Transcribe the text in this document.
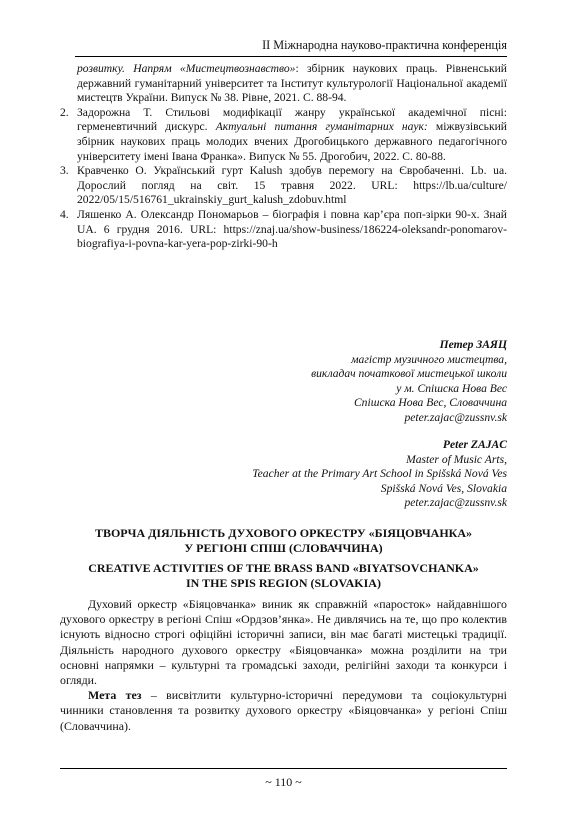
II Міжнародна науково-практична конференція
розвитку. Напрям «Мистецтвознавство»: збірник наукових праць. Рівненський державний гуманітарний університет та Інститут культурології Національної академії мистецтв України. Випуск № 38. Рівне, 2021. С. 88-94.
2. Задорожна Т. Стильові модифікації жанру української академічної пісні: герменевтичний дискурс. Актуальні питання гуманітарних наук: міжвузівський збірник наукових праць молодих вчених Дрогобицького державного педагогічного університету імені Івана Франка». Випуск № 55. Дрогобич, 2022. С. 80-88.
3. Кравченко О. Український гурт Kalush здобув перемогу на Євробаченні. Lb. ua. Дорослий погляд на світ. 15 травня 2022. URL: https://lb.ua/culture/ 2022/05/15/516761_ukrainskiy_gurt_kalush_zdobuv.html
4. Ляшенко А. Олександр Пономарьов – біографія і повна кар’єра поп-зірки 90-х. Знай UA. 6 грудня 2016. URL: https://znaj.ua/show-business/186224-oleksandr-ponomarov-biografiya-i-povna-kar-yera-pop-zirki-90-h
Петер ЗАЯЦ
магістр музичного мистецтва,
викладач початкової мистецької школи
у м. Спішска Нова Вес
Спішска Нова Вес, Словаччина
peter.zajac@zussnv.sk
Peter ZAJAC
Master of Music Arts,
Teacher at the Primary Art School in Spišská Nová Ves
Spišská Nová Ves, Slovakia
peter.zajac@zussnv.sk
ТВОРЧА ДІЯЛЬНІСТЬ ДУХОВОГО ОРКЕСТРУ «БІЯЦОВЧАНКА»
У РЕГІОНІ СПІШ (СЛОВАЧЧИНА)
CREATIVE ACTIVITIES OF THE BRASS BAND «BIYATSOVCHANKA»
IN THE SPIS REGION (SLOVAKIA)

Духовий оркестр «Біяцовчанка» виник як справжній «паросток» найдавнішого духового оркестру в регіоні Спіш «Ордзов’янка». Не дивлячись на те, що про колектив існують відносно строгі офіційні історичні записи, він має багаті мистецькі традиції. Діяльність народного духового оркестру «Біяцовчанка» можна розділити на три основні напрямки – культурні та громадські заходи, релігійні заходи та конкурси і огляди.

Мета тез – висвітлити культурно-історичні передумови та соціокультурні чинники становлення та розвитку духового оркестру «Біяцовчанка» у регіоні Спіш (Словаччина).

~ 110 ~
